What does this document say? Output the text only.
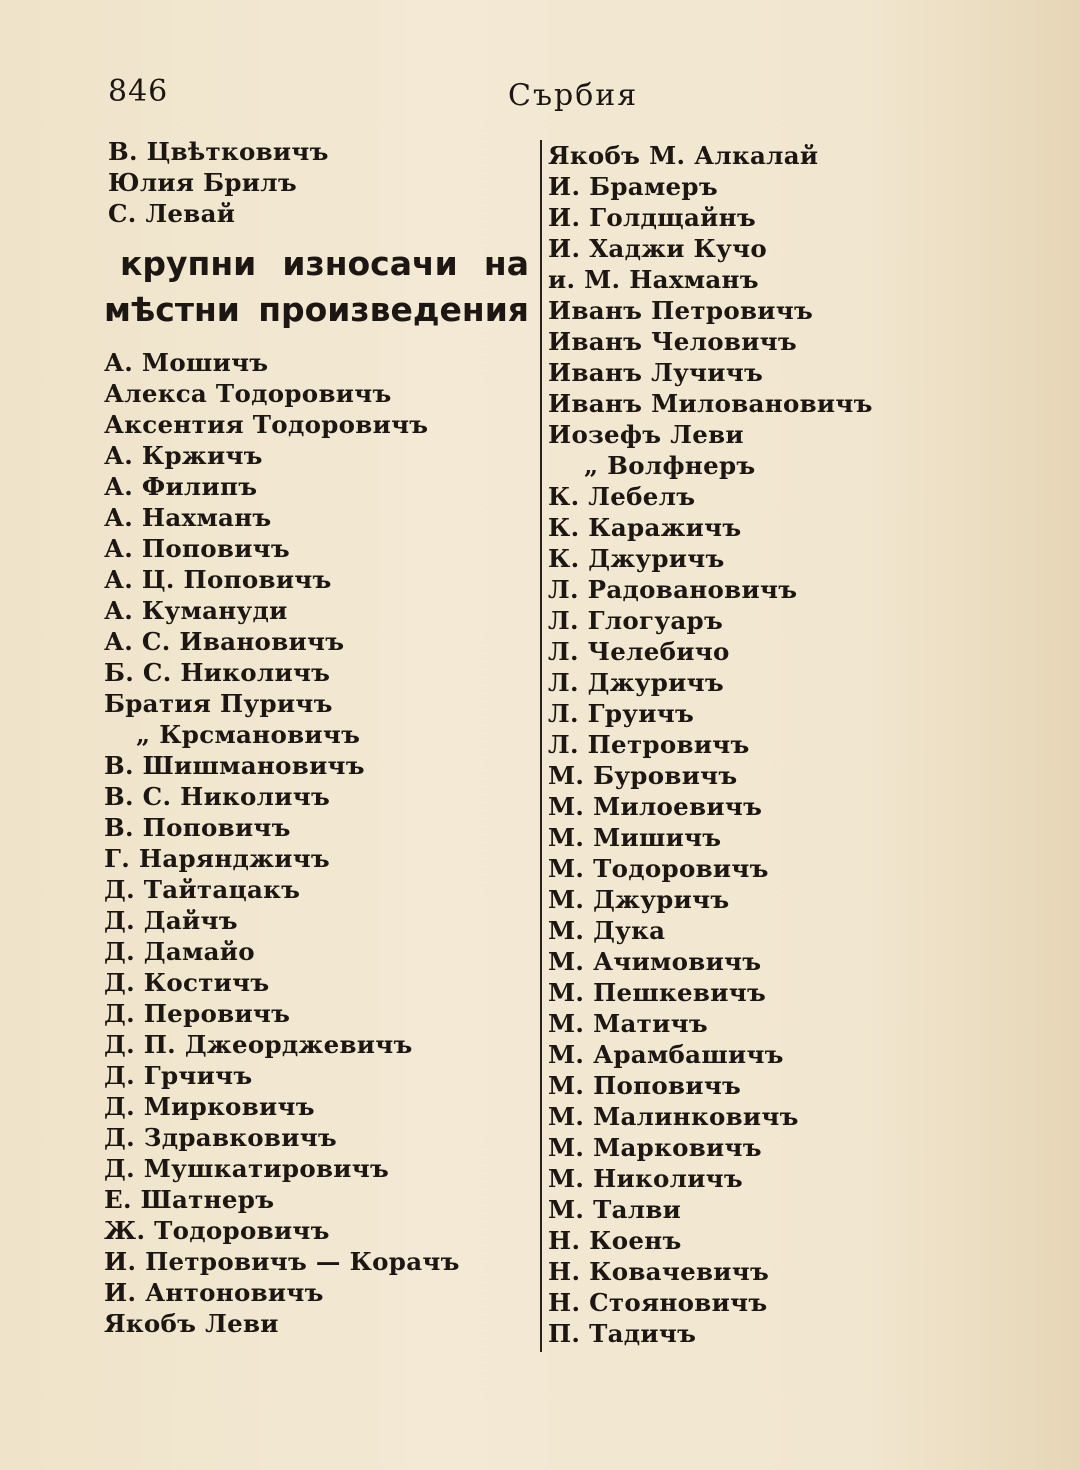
846	Сърбия
В. Цвѣтковичъ
Юлия Брилъ
С. Левай
крупни износачи на
мѣстни произведения
А. Мошичъ
Алекса Тодоровичъ
Аксентия Тодоровичъ
А. Кржичъ
А. Филипъ
А. Нахманъ
А. Поповичъ
А. Ц. Поповичъ
А. Кумануди
А. С. Ивановичъ
Б. С. Николичъ
Братия Пуричъ
„ Крсмановичъ
В. Шишмановичъ
В. С. Николичъ
В. Поповичъ
Г. Нарянджичъ
Д. Тайтацакъ
Д. Дайчъ
Д. Дамайо
Д. Костичъ
Д. Перовичъ
Д. П. Джеорджевичъ
Д. Грчичъ
Д. Мирковичъ
Д. Здравковичъ
Д. Мушкатировичъ
Е. Шатнеръ
Ж. Тодоровичъ
И. Петровичъ — Корачъ
И. Антоновичъ
Якобъ Леви
Якобъ М. Алкалай
И. Брамеръ
И. Голдщайнъ
И. Хаджи Кучо
и. М. Нахманъ
Иванъ Петровичъ
Иванъ Человичъ
Иванъ Лучичъ
Иванъ Миловановичъ
Иозефъ Леви
„ Волфнеръ
К. Лебелъ
К. Каражичъ
К. Джуричъ
Л. Радовановичъ
Л. Глогуаръ
Л. Челебичо
Л. Джуричъ
Л. Груичъ
Л. Петровичъ
М. Буровичъ
М. Милоевичъ
М. Мишичъ
М. Тодоровичъ
М. Джуричъ
М. Дука
М. Ачимовичъ
М. Пешкевичъ
М. Матичъ
М. Арамбашичъ
М. Поповичъ
М. Малинковичъ
М. Марковичъ
М. Николичъ
М. Талви
Н. Коенъ
Н. Ковачевичъ
Н. Стояновичъ
П. Тадичъ
